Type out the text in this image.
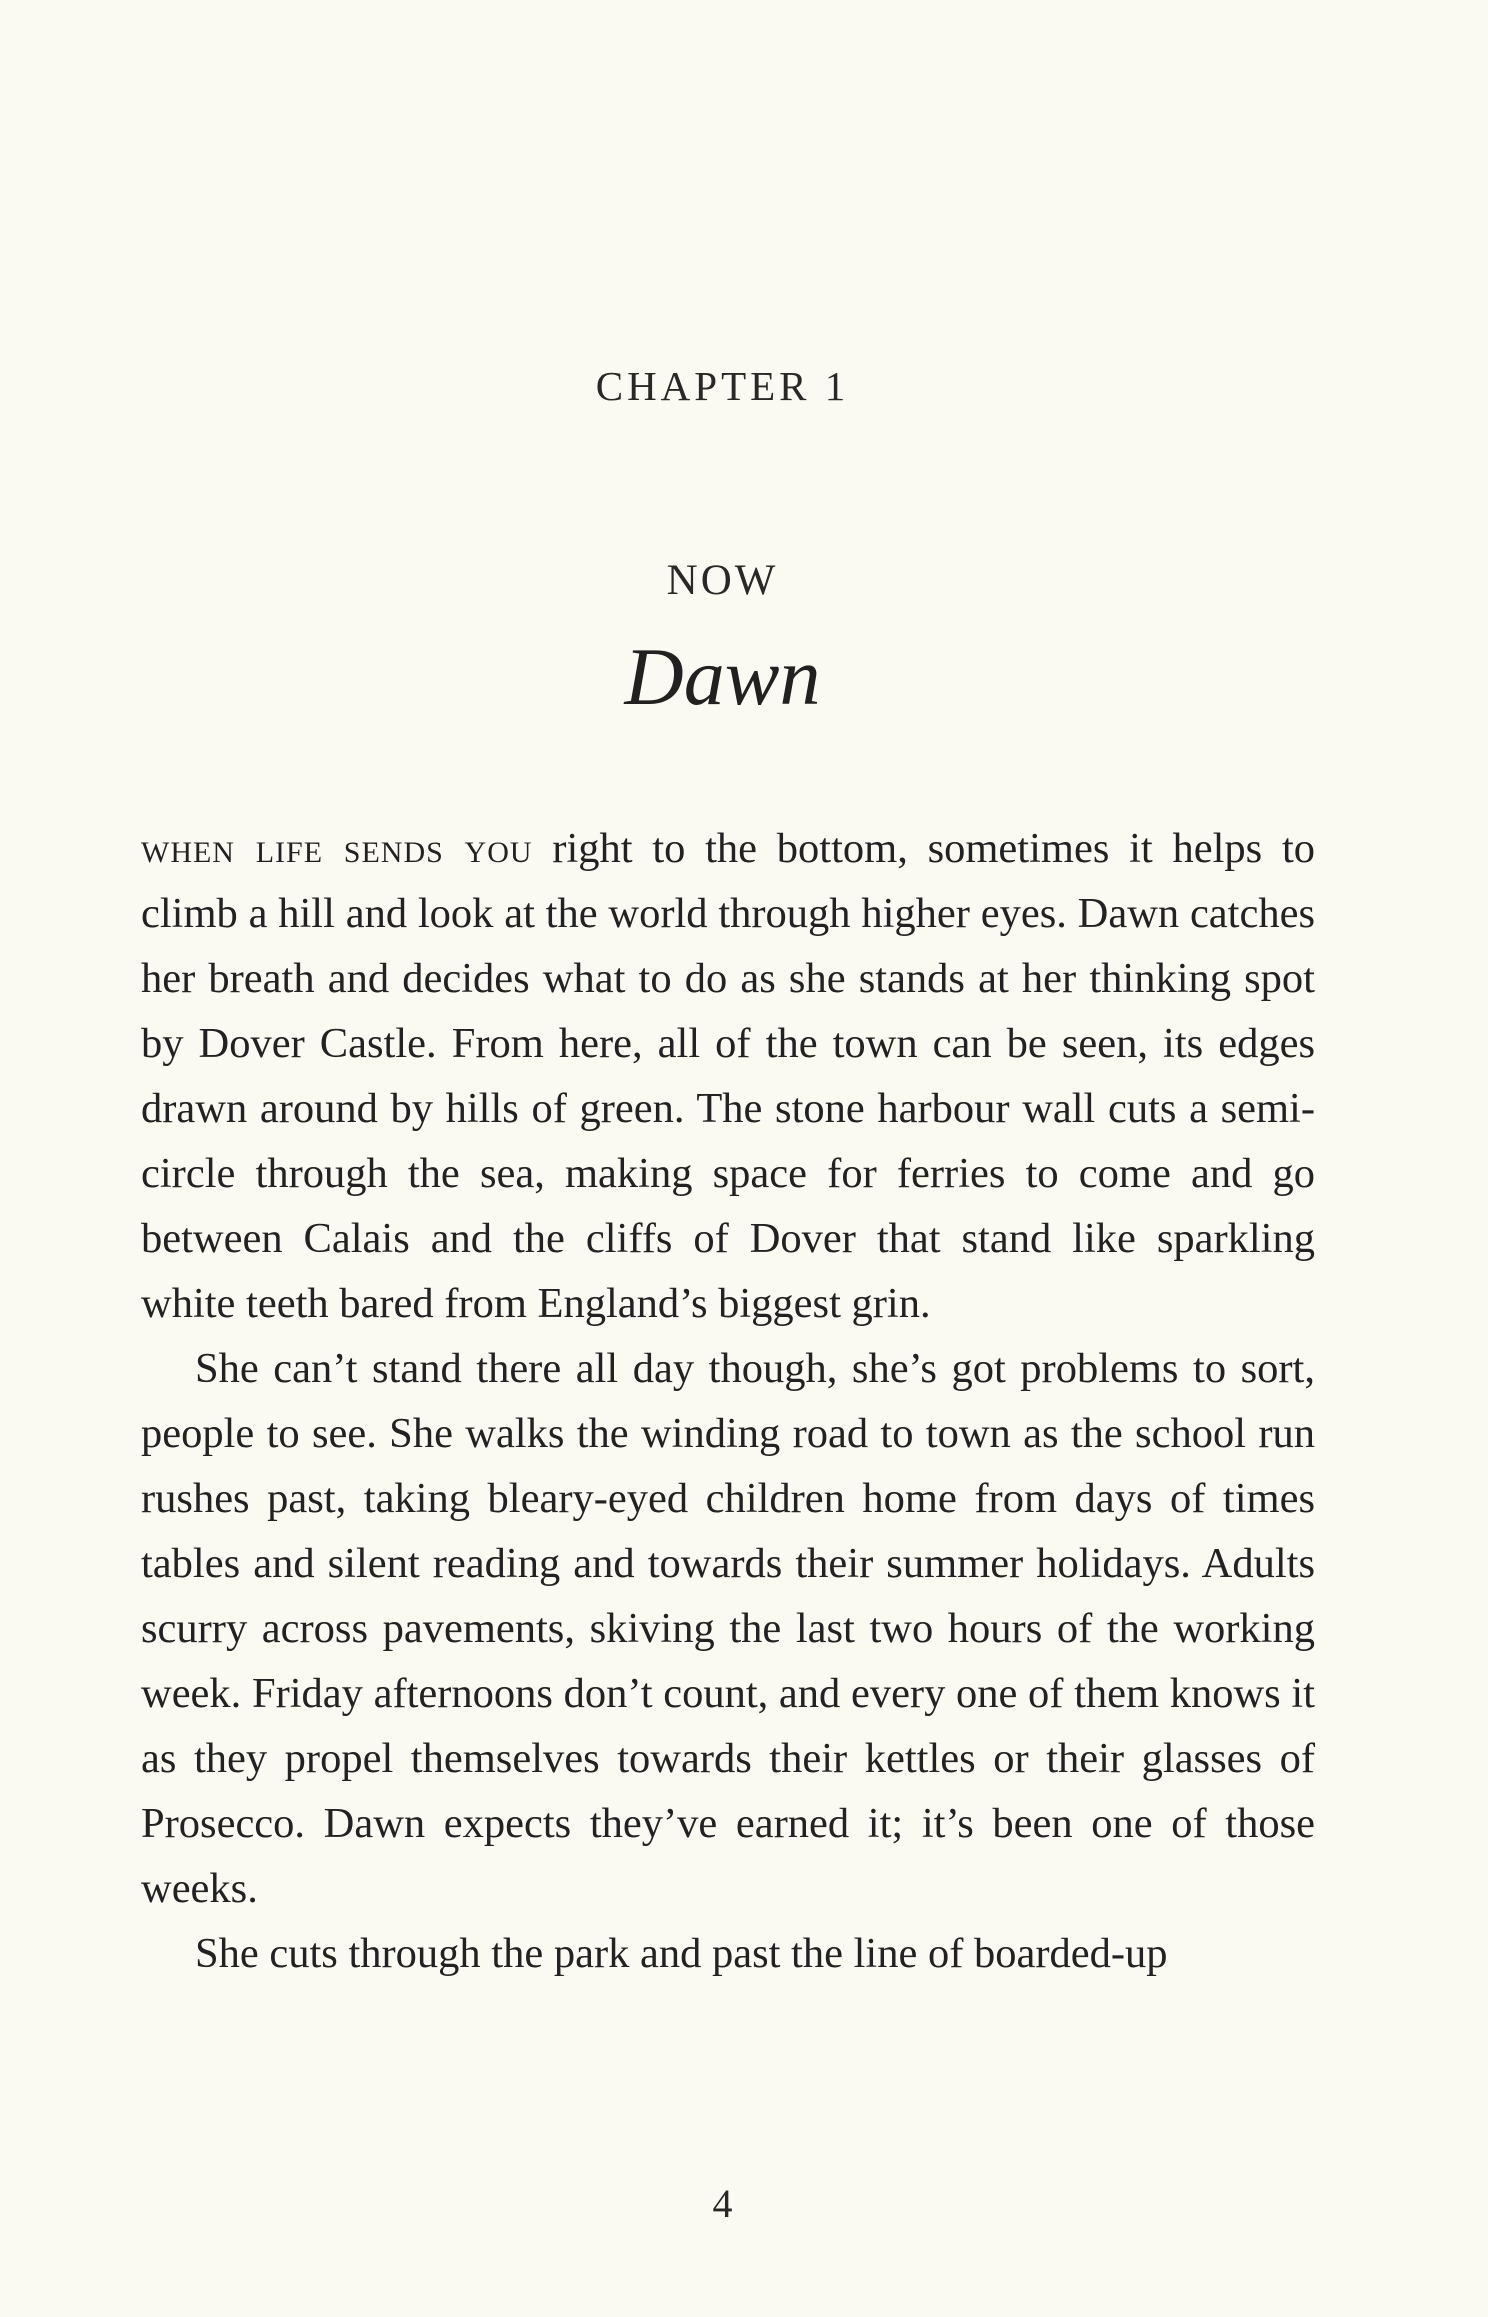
CHAPTER 1
NOW
Dawn

when life sends you right to the bottom, sometimes it helps to climb a hill and look at the world through higher eyes. Dawn catches her breath and decides what to do as she stands at her thinking spot by Dover Castle. From here, all of the town can be seen, its edges drawn around by hills of green. The stone harbour wall cuts a semi-circle through the sea, making space for ferries to come and go between Calais and the cliffs of Dover that stand like sparkling white teeth bared from England’s biggest grin.

She can’t stand there all day though, she’s got problems to sort, people to see. She walks the winding road to town as the school run rushes past, taking bleary-eyed children home from days of times tables and silent reading and towards their summer holidays. Adults scurry across pavements, skiving the last two hours of the working week. Friday afternoons don’t count, and every one of them knows it as they propel themselves towards their kettles or their glasses of Prosecco. Dawn expects they’ve earned it; it’s been one of those weeks.

She cuts through the park and past the line of boarded-up

4
